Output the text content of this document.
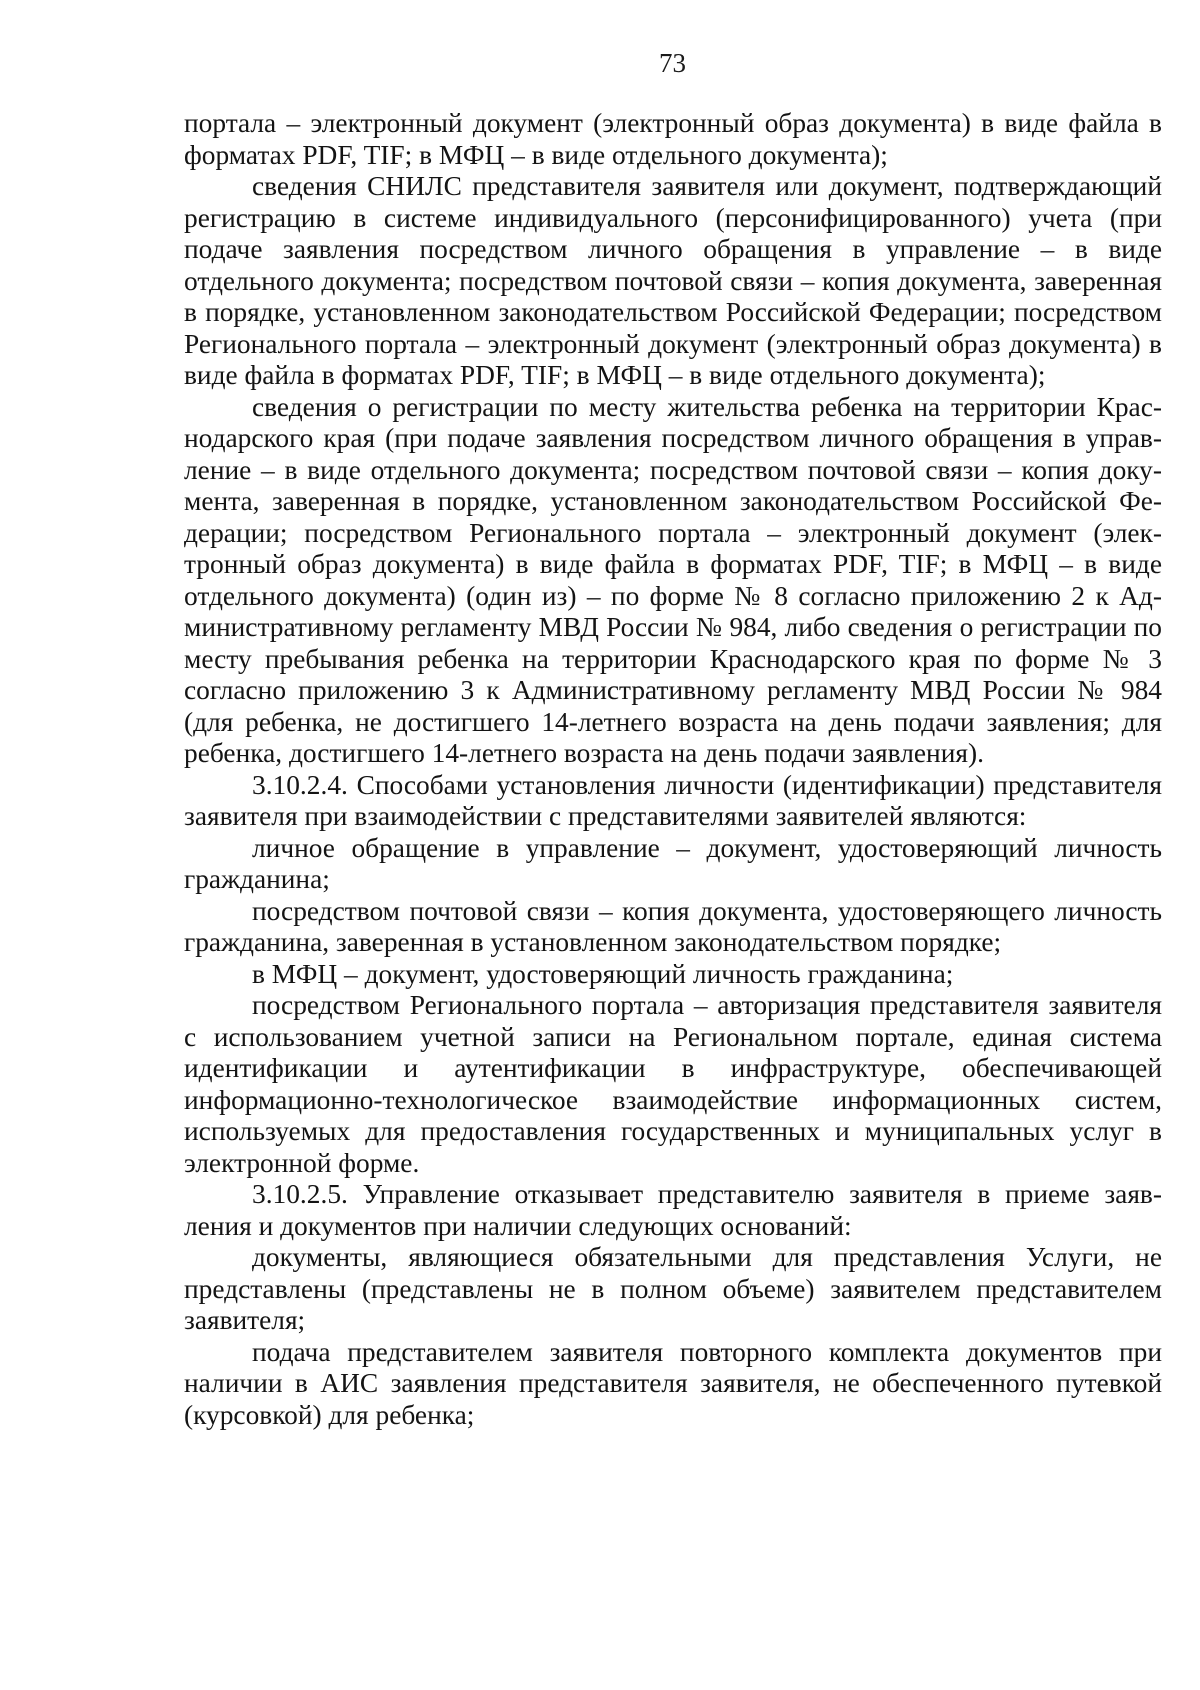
73

портала – электронный документ (электронный образ документа) в виде файла в форматах PDF, TIF; в МФЦ – в виде отдельного документа);

сведения СНИЛС представителя заявителя или документ, подтверждающий регистрацию в системе индивидуального (персонифицированного) учета (при подаче заявления посредством личного обращения в управление – в виде отдельного документа; посредством почтовой связи – копия документа, заверенная в порядке, установленном законодательством Российской Федерации; посредством Регионального портала – электронный документ (электронный образ документа) в виде файла в форматах PDF, TIF; в МФЦ – в виде отдельного документа);

сведения о регистрации по месту жительства ребенка на территории Краснодарского края (при подаче заявления посредством личного обращения в управление – в виде отдельного документа; посредством почтовой связи – копия документа, заверенная в порядке, установленном законодательством Российской Федерации; посредством Регионального портала – электронный документ (электронный образ документа) в виде файла в форматах PDF, TIF; в МФЦ – в виде отдельного документа) (один из) – по форме № 8 согласно приложению 2 к Административному регламенту МВД России № 984, либо сведения о регистрации по месту пребывания ребенка на территории Краснодарского края по форме № 3 согласно приложению 3 к Административному регламенту МВД России № 984 (для ребенка, не достигшего 14-летнего возраста на день подачи заявления; для ребенка, достигшего 14-летнего возраста на день подачи заявления).

3.10.2.4. Способами установления личности (идентификации) представителя заявителя при взаимодействии с представителями заявителей являются:

личное обращение в управление – документ, удостоверяющий личность гражданина;

посредством почтовой связи – копия документа, удостоверяющего личность гражданина, заверенная в установленном законодательством порядке;

в МФЦ – документ, удостоверяющий личность гражданина;

посредством Регионального портала – авторизация представителя заявителя с использованием учетной записи на Региональном портале, единая система идентификации и аутентификации в инфраструктуре, обеспечивающей информационно-технологическое взаимодействие информационных систем, используемых для предоставления государственных и муниципальных услуг в электронной форме.

3.10.2.5. Управление отказывает представителю заявителя в приеме заявления и документов при наличии следующих оснований:

документы, являющиеся обязательными для представления Услуги, не представлены (представлены не в полном объеме) заявителем представителем заявителя;

подача представителем заявителя повторного комплекта документов при наличии в АИС заявления представителя заявителя, не обеспеченного путевкой (курсовкой) для ребенка;
